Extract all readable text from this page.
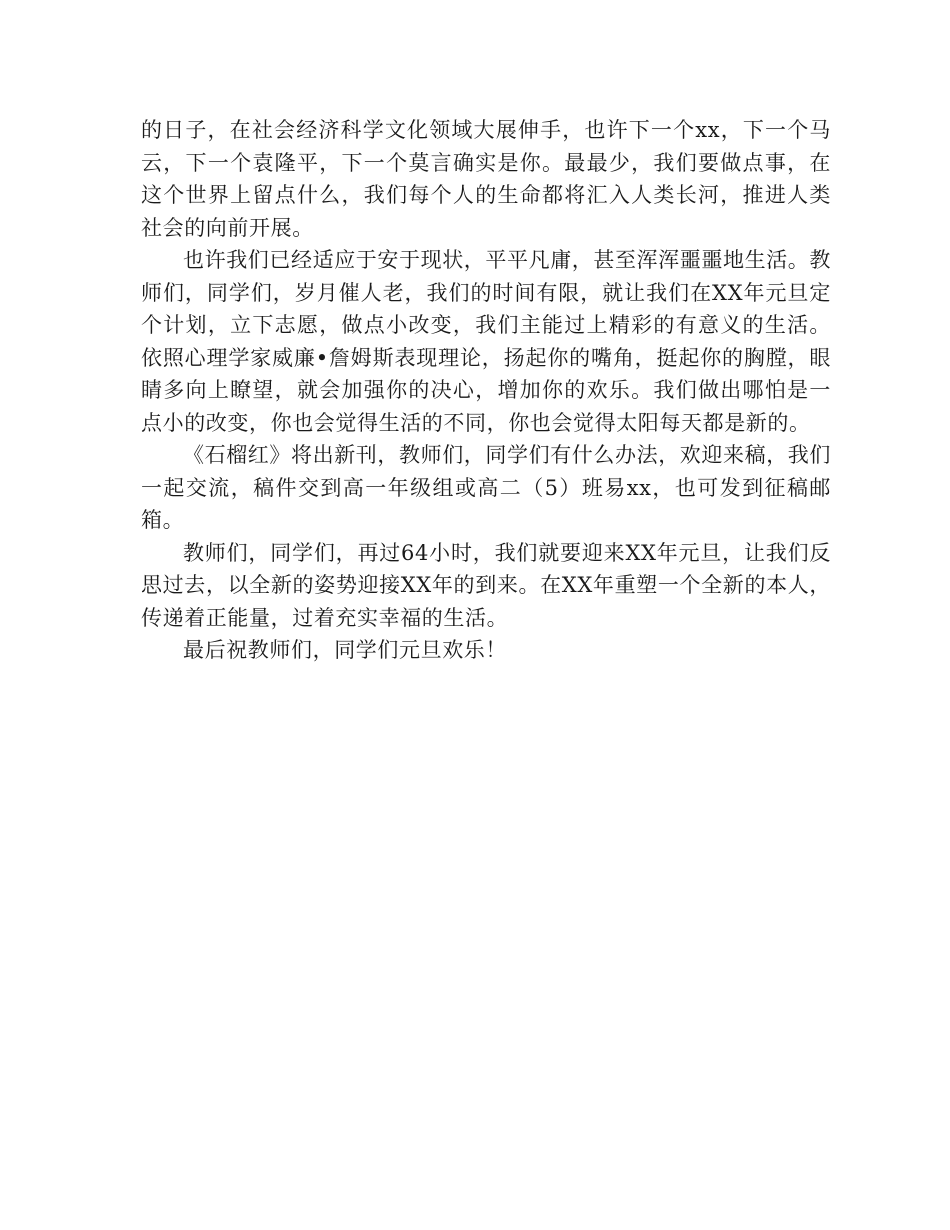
的日子，在社会经济科学文化领域大展伸手，也许下一个xx，下一个马云，下一个袁隆平，下一个莫言确实是你。最最少，我们要做点事，在这个世界上留点什么，我们每个人的生命都将汇入人类长河，推进人类社会的向前开展。

也许我们已经适应于安于现状，平平凡庸，甚至浑浑噩噩地生活。教师们，同学们，岁月催人老，我们的时间有限，就让我们在XX年元旦定个计划，立下志愿，做点小改变，我们主能过上精彩的有意义的生活。依照心理学家威廉•詹姆斯表现理论，扬起你的嘴角，挺起你的胸膛，眼睛多向上瞭望，就会加强你的决心，增加你的欢乐。我们做出哪怕是一点小的改变，你也会觉得生活的不同，你也会觉得太阳每天都是新的。

《石榴红》将出新刊，教师们，同学们有什么办法，欢迎来稿，我们一起交流，稿件交到高一年级组或高二（5）班易xx，也可发到征稿邮箱。

教师们，同学们，再过64小时，我们就要迎来XX年元旦，让我们反思过去，以全新的姿势迎接XX年的到来。在XX年重塑一个全新的本人，传递着正能量，过着充实幸福的生活。

最后祝教师们，同学们元旦欢乐！
